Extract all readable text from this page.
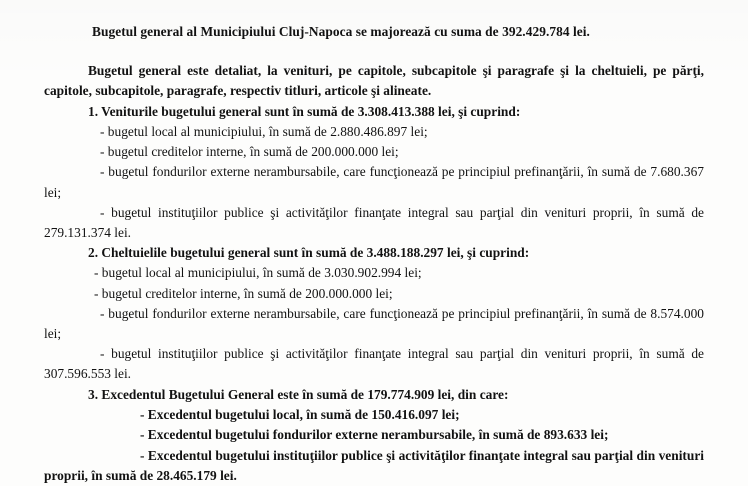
Bugetul general al Municipiului Cluj-Napoca se majorează cu suma de 392.429.784 lei.

Bugetul general este detaliat, la venituri, pe capitole, subcapitole şi paragrafe şi la cheltuieli, pe părţi, capitole, subcapitole, paragrafe, respectiv titluri, articole şi alineate.

1. Veniturile bugetului general sunt în sumă de 3.308.413.388 lei, şi cuprind:

- bugetul local al municipiului, în sumă de 2.880.486.897 lei;

- bugetul creditelor interne, în sumă de 200.000.000 lei;

- bugetul fondurilor externe nerambursabile, care funcţionează pe principiul prefinanţării, în sumă de 7.680.367 lei;

- bugetul instituţiilor publice şi activităţilor finanţate integral sau parţial din venituri proprii, în sumă de 279.131.374 lei.

2. Cheltuielile bugetului general sunt în sumă de 3.488.188.297 lei, şi cuprind:

- bugetul local al municipiului, în sumă de 3.030.902.994 lei;

- bugetul creditelor interne, în sumă de 200.000.000 lei;

- bugetul fondurilor externe nerambursabile, care funcţionează pe principiul prefinanţării, în sumă de 8.574.000 lei;

- bugetul instituţiilor publice şi activităţilor finanţate integral sau parţial din venituri proprii, în sumă de 307.596.553 lei.

3. Excedentul Bugetului General este în sumă de 179.774.909 lei, din care:

- Excedentul bugetului local, în sumă de 150.416.097 lei;

- Excedentul bugetului fondurilor externe nerambursabile, în sumă de 893.633 lei;

- Excedentul bugetului instituţiilor publice şi activităţilor finanţate integral sau parţial din venituri proprii, în sumă de 28.465.179 lei.
